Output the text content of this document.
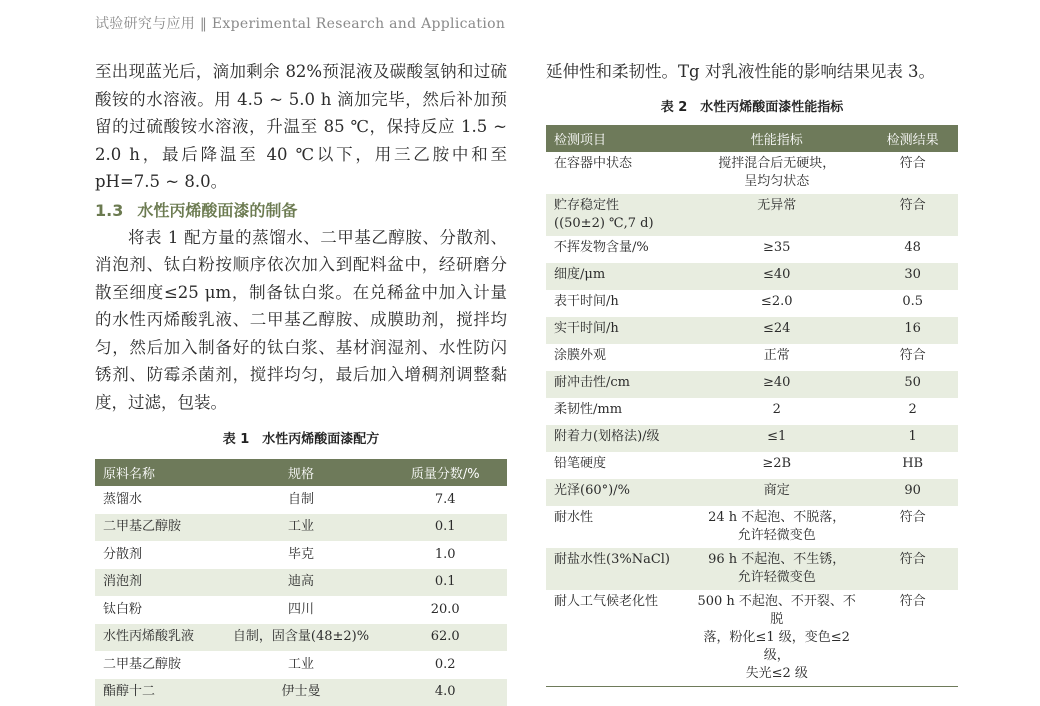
试验研究与应用 ‖ Experimental Research and Application

至出现蓝光后，滴加剩余 82%预混液及碳酸氢钠和过硫酸铵的水溶液。用 4.5 ~ 5.0 h 滴加完毕，然后补加预留的过硫酸铵水溶液，升温至 85 ℃，保持反应 1.5 ~ 2.0 h，最后降温至 40 ℃以下，用三乙胺中和至 pH=7.5 ~ 8.0。

1.3 水性丙烯酸面漆的制备

将表 1 配方量的蒸馏水、二甲基乙醇胺、分散剂、消泡剂、钛白粉按顺序依次加入到配料盆中，经研磨分散至细度≤25 μm，制备钛白浆。在兑稀盆中加入计量的水性丙烯酸乳液、二甲基乙醇胺、成膜助剂，搅拌均匀，然后加入制备好的钛白浆、基材润湿剂、水性防闪锈剂、防霉杀菌剂，搅拌均匀，最后加入增稠剂调整黏度，过滤，包装。

表 1　水性丙烯酸面漆配方

原料名称	规格	质量分数/%
蒸馏水	自制	7.4
二甲基乙醇胺	工业	0.1
分散剂	毕克	1.0
消泡剂	迪高	0.1
钛白粉	四川	20.0
水性丙烯酸乳液	自制，固含量(48±2)%	62.0
二甲基乙醇胺	工业	0.2
酯醇十二	伊士曼	4.0

延伸性和柔韧性。Tg 对乳液性能的影响结果见表 3。

表 2　水性丙烯酸面漆性能指标

检测项目	性能指标	检测结果
在容器中状态	搅拌混合后无硬块，
呈均匀状态	符合
贮存稳定性
((50±2) ℃,7 d)	无异常	符合
不挥发物含量/%	≥35	48
细度/μm	≤40	30
表干时间/h	≤2.0	0.5
实干时间/h	≤24	16
涂膜外观	正常	符合
耐冲击性/cm	≥40	50
柔韧性/mm	2	2
附着力(划格法)/级	≤1	1
铅笔硬度	≥2B	HB
光泽(60°)/%	商定	90
耐水性	24 h 不起泡、不脱落，
允许轻微变色	符合
耐盐水性(3%NaCl)	96 h 不起泡、不生锈，
允许轻微变色	符合
耐人工气候老化性	500 h 不起泡、不开裂、不脱
落，粉化≤1 级，变色≤2 级，
失光≤2 级	符合
